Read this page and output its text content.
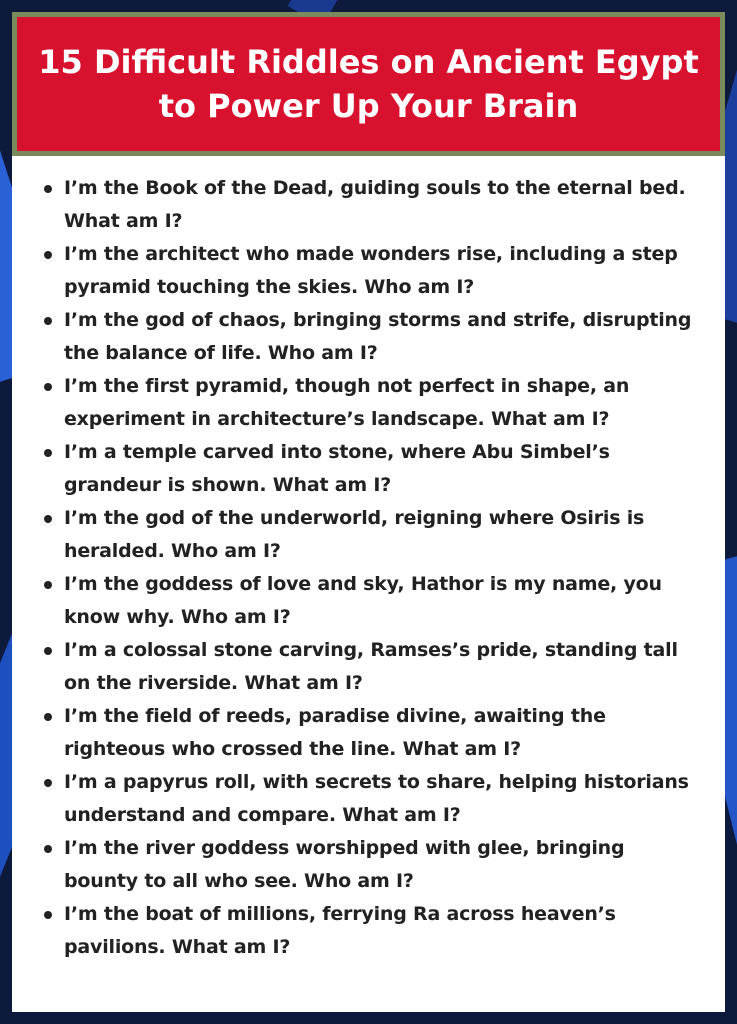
15 Difficult Riddles on Ancient Egypt
to Power Up Your Brain
I’m the Book of the Dead, guiding souls to the eternal bed.
What am I?
I’m the architect who made wonders rise, including a step
pyramid touching the skies. Who am I?
I’m the god of chaos, bringing storms and strife, disrupting
the balance of life. Who am I?
I’m the first pyramid, though not perfect in shape, an
experiment in architecture’s landscape. What am I?
I’m a temple carved into stone, where Abu Simbel’s
grandeur is shown. What am I?
I’m the god of the underworld, reigning where Osiris is
heralded. Who am I?
I’m the goddess of love and sky, Hathor is my name, you
know why. Who am I?
I’m a colossal stone carving, Ramses’s pride, standing tall
on the riverside. What am I?
I’m the field of reeds, paradise divine, awaiting the
righteous who crossed the line. What am I?
I’m a papyrus roll, with secrets to share, helping historians
understand and compare. What am I?
I’m the river goddess worshipped with glee, bringing
bounty to all who see. Who am I?
I’m the boat of millions, ferrying Ra across heaven’s
pavilions. What am I?
